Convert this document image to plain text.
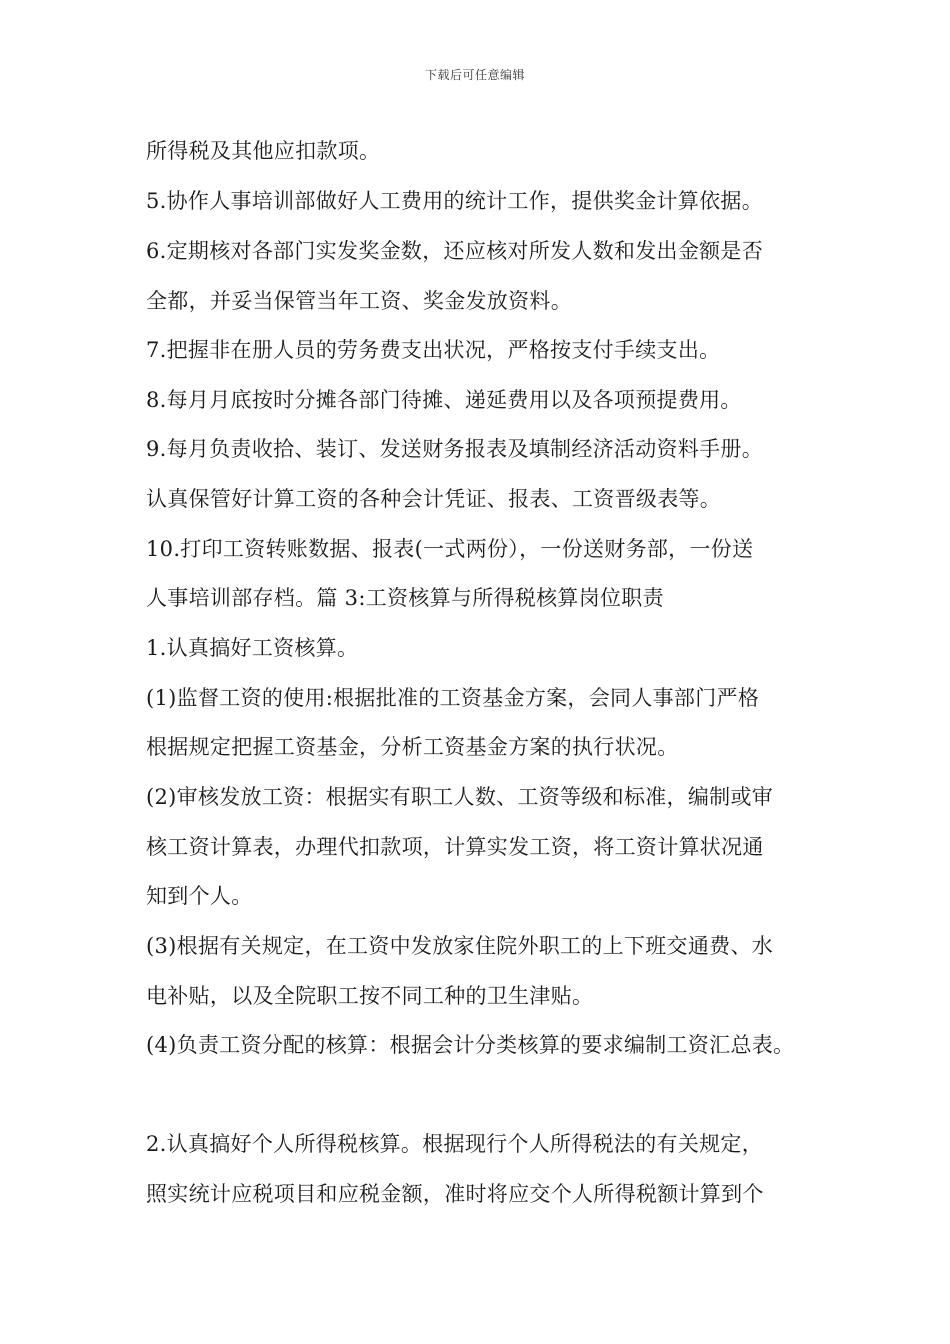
下载后可任意编辑
所得税及其他应扣款项。
5.协作人事培训部做好人工费用的统计工作，提供奖金计算依据。
6.定期核对各部门实发奖金数，还应核对所发人数和发出金额是否
全都，并妥当保管当年工资、奖金发放资料。
7.把握非在册人员的劳务费支出状况，严格按支付手续支出。
8.每月月底按时分摊各部门待摊、递延费用以及各项预提费用。
9.每月负责收拾、装订、发送财务报表及填制经济活动资料手册。
认真保管好计算工资的各种会计凭证、报表、工资晋级表等。
10.打印工资转账数据、报表(一式两份），一份送财务部，一份送
人事培训部存档。篇 3:工资核算与所得税核算岗位职责
1.认真搞好工资核算。
(1)监督工资的使用:根据批准的工资基金方案，会同人事部门严格
根据规定把握工资基金，分析工资基金方案的执行状况。
(2)审核发放工资：根据实有职工人数、工资等级和标准，编制或审
核工资计算表，办理代扣款项，计算实发工资，将工资计算状况通
知到个人。
(3)根据有关规定，在工资中发放家住院外职工的上下班交通费、水
电补贴，以及全院职工按不同工种的卫生津贴。
(4)负责工资分配的核算：根据会计分类核算的要求编制工资汇总表。
2.认真搞好个人所得税核算。根据现行个人所得税法的有关规定，
照实统计应税项目和应税金额，准时将应交个人所得税额计算到个
